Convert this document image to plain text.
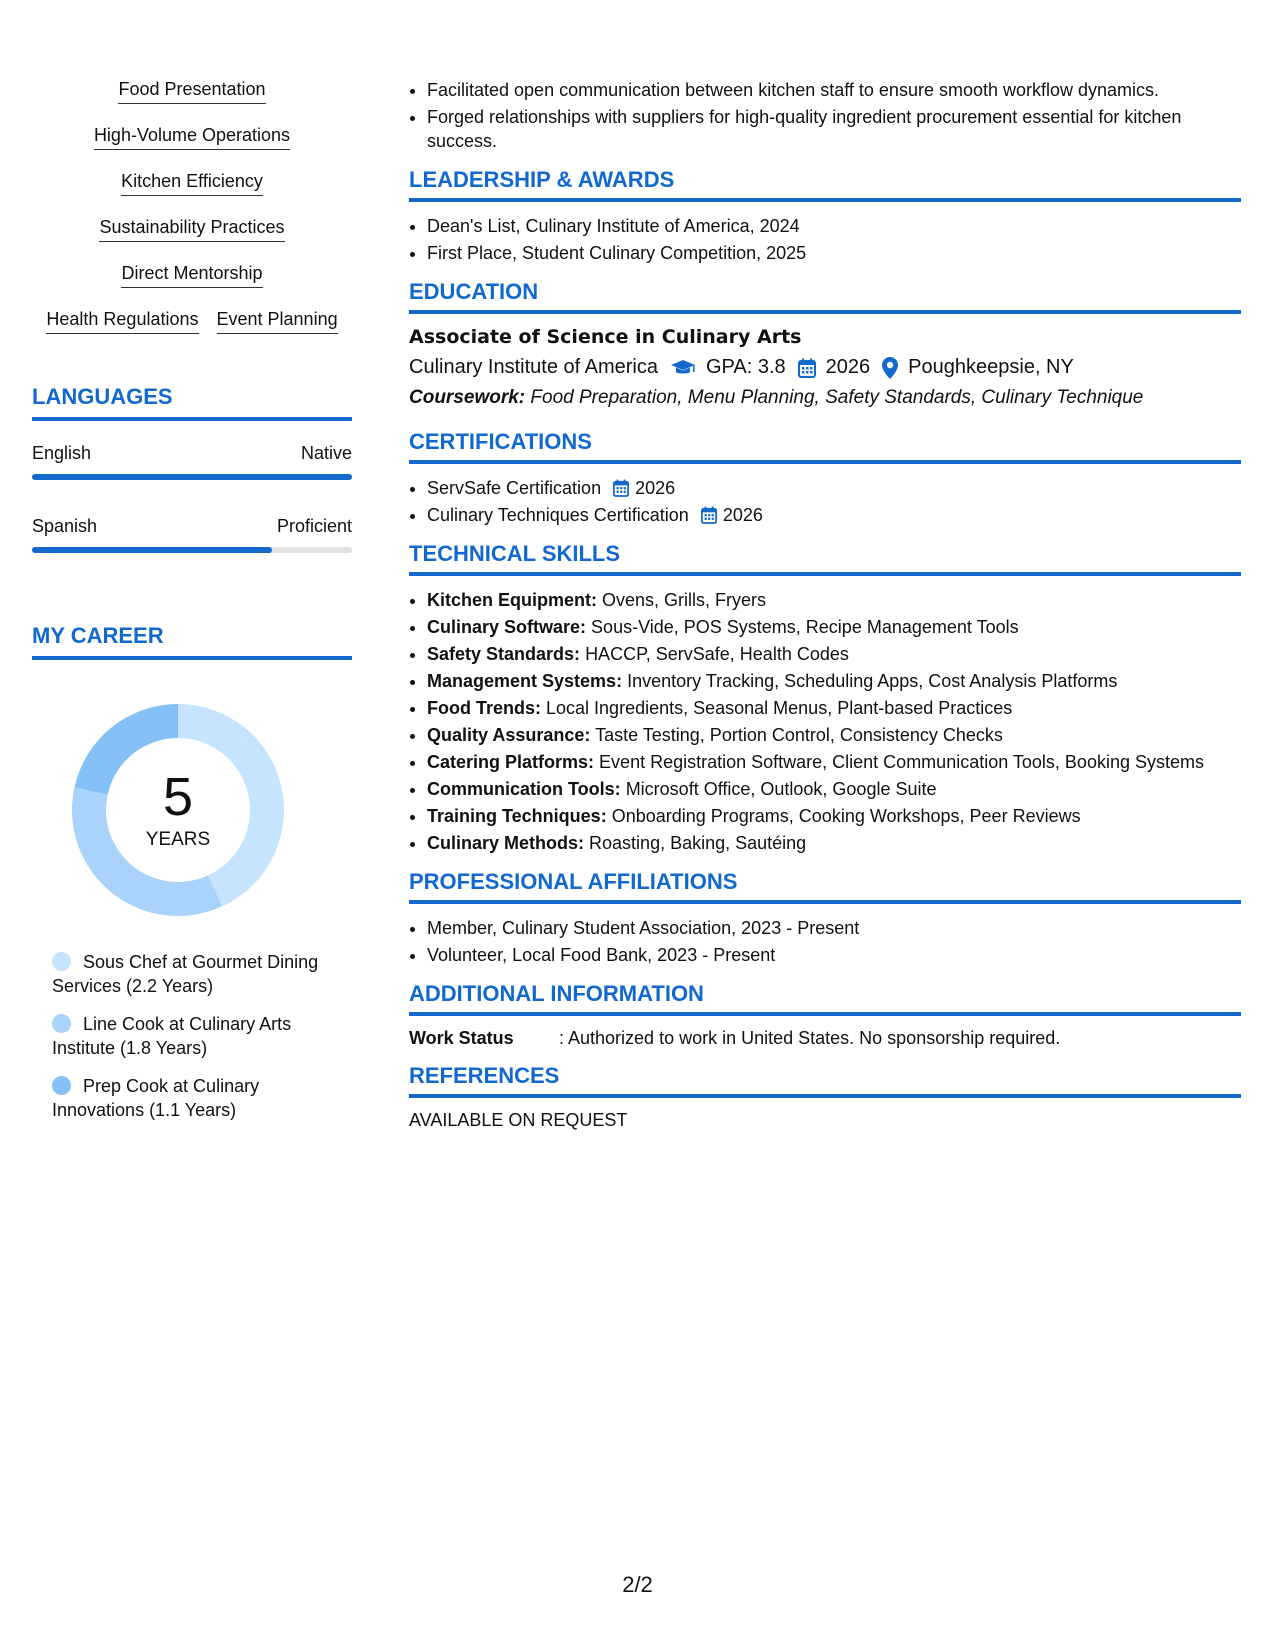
Food Presentation
High-Volume Operations
Kitchen Efficiency
Sustainability Practices
Direct Mentorship
Health Regulations Event Planning
LANGUAGES
English	Native
Spanish	Proficient
MY CAREER
5
YEARS
Sous Chef at Gourmet Dining Services (2.2 Years)
Line Cook at Culinary Arts Institute (1.8 Years)
Prep Cook at Culinary Innovations (1.1 Years)
• Facilitated open communication between kitchen staff to ensure smooth workflow dynamics.
• Forged relationships with suppliers for high-quality ingredient procurement essential for kitchen success.
LEADERSHIP & AWARDS
• Dean's List, Culinary Institute of America, 2024
• First Place, Student Culinary Competition, 2025
EDUCATION
Associate of Science in Culinary Arts
Culinary Institute of America GPA: 3.8 2026 Poughkeepsie, NY
Coursework: Food Preparation, Menu Planning, Safety Standards, Culinary Technique
CERTIFICATIONS
• ServSafe Certification 2026
• Culinary Techniques Certification 2026
TECHNICAL SKILLS
• Kitchen Equipment: Ovens, Grills, Fryers
• Culinary Software: Sous-Vide, POS Systems, Recipe Management Tools
• Safety Standards: HACCP, ServSafe, Health Codes
• Management Systems: Inventory Tracking, Scheduling Apps, Cost Analysis Platforms
• Food Trends: Local Ingredients, Seasonal Menus, Plant-based Practices
• Quality Assurance: Taste Testing, Portion Control, Consistency Checks
• Catering Platforms: Event Registration Software, Client Communication Tools, Booking Systems
• Communication Tools: Microsoft Office, Outlook, Google Suite
• Training Techniques: Onboarding Programs, Cooking Workshops, Peer Reviews
• Culinary Methods: Roasting, Baking, Sautéing
PROFESSIONAL AFFILIATIONS
• Member, Culinary Student Association, 2023 - Present
• Volunteer, Local Food Bank, 2023 - Present
ADDITIONAL INFORMATION
Work Status	: Authorized to work in United States. No sponsorship required.
REFERENCES
AVAILABLE ON REQUEST
2/2
